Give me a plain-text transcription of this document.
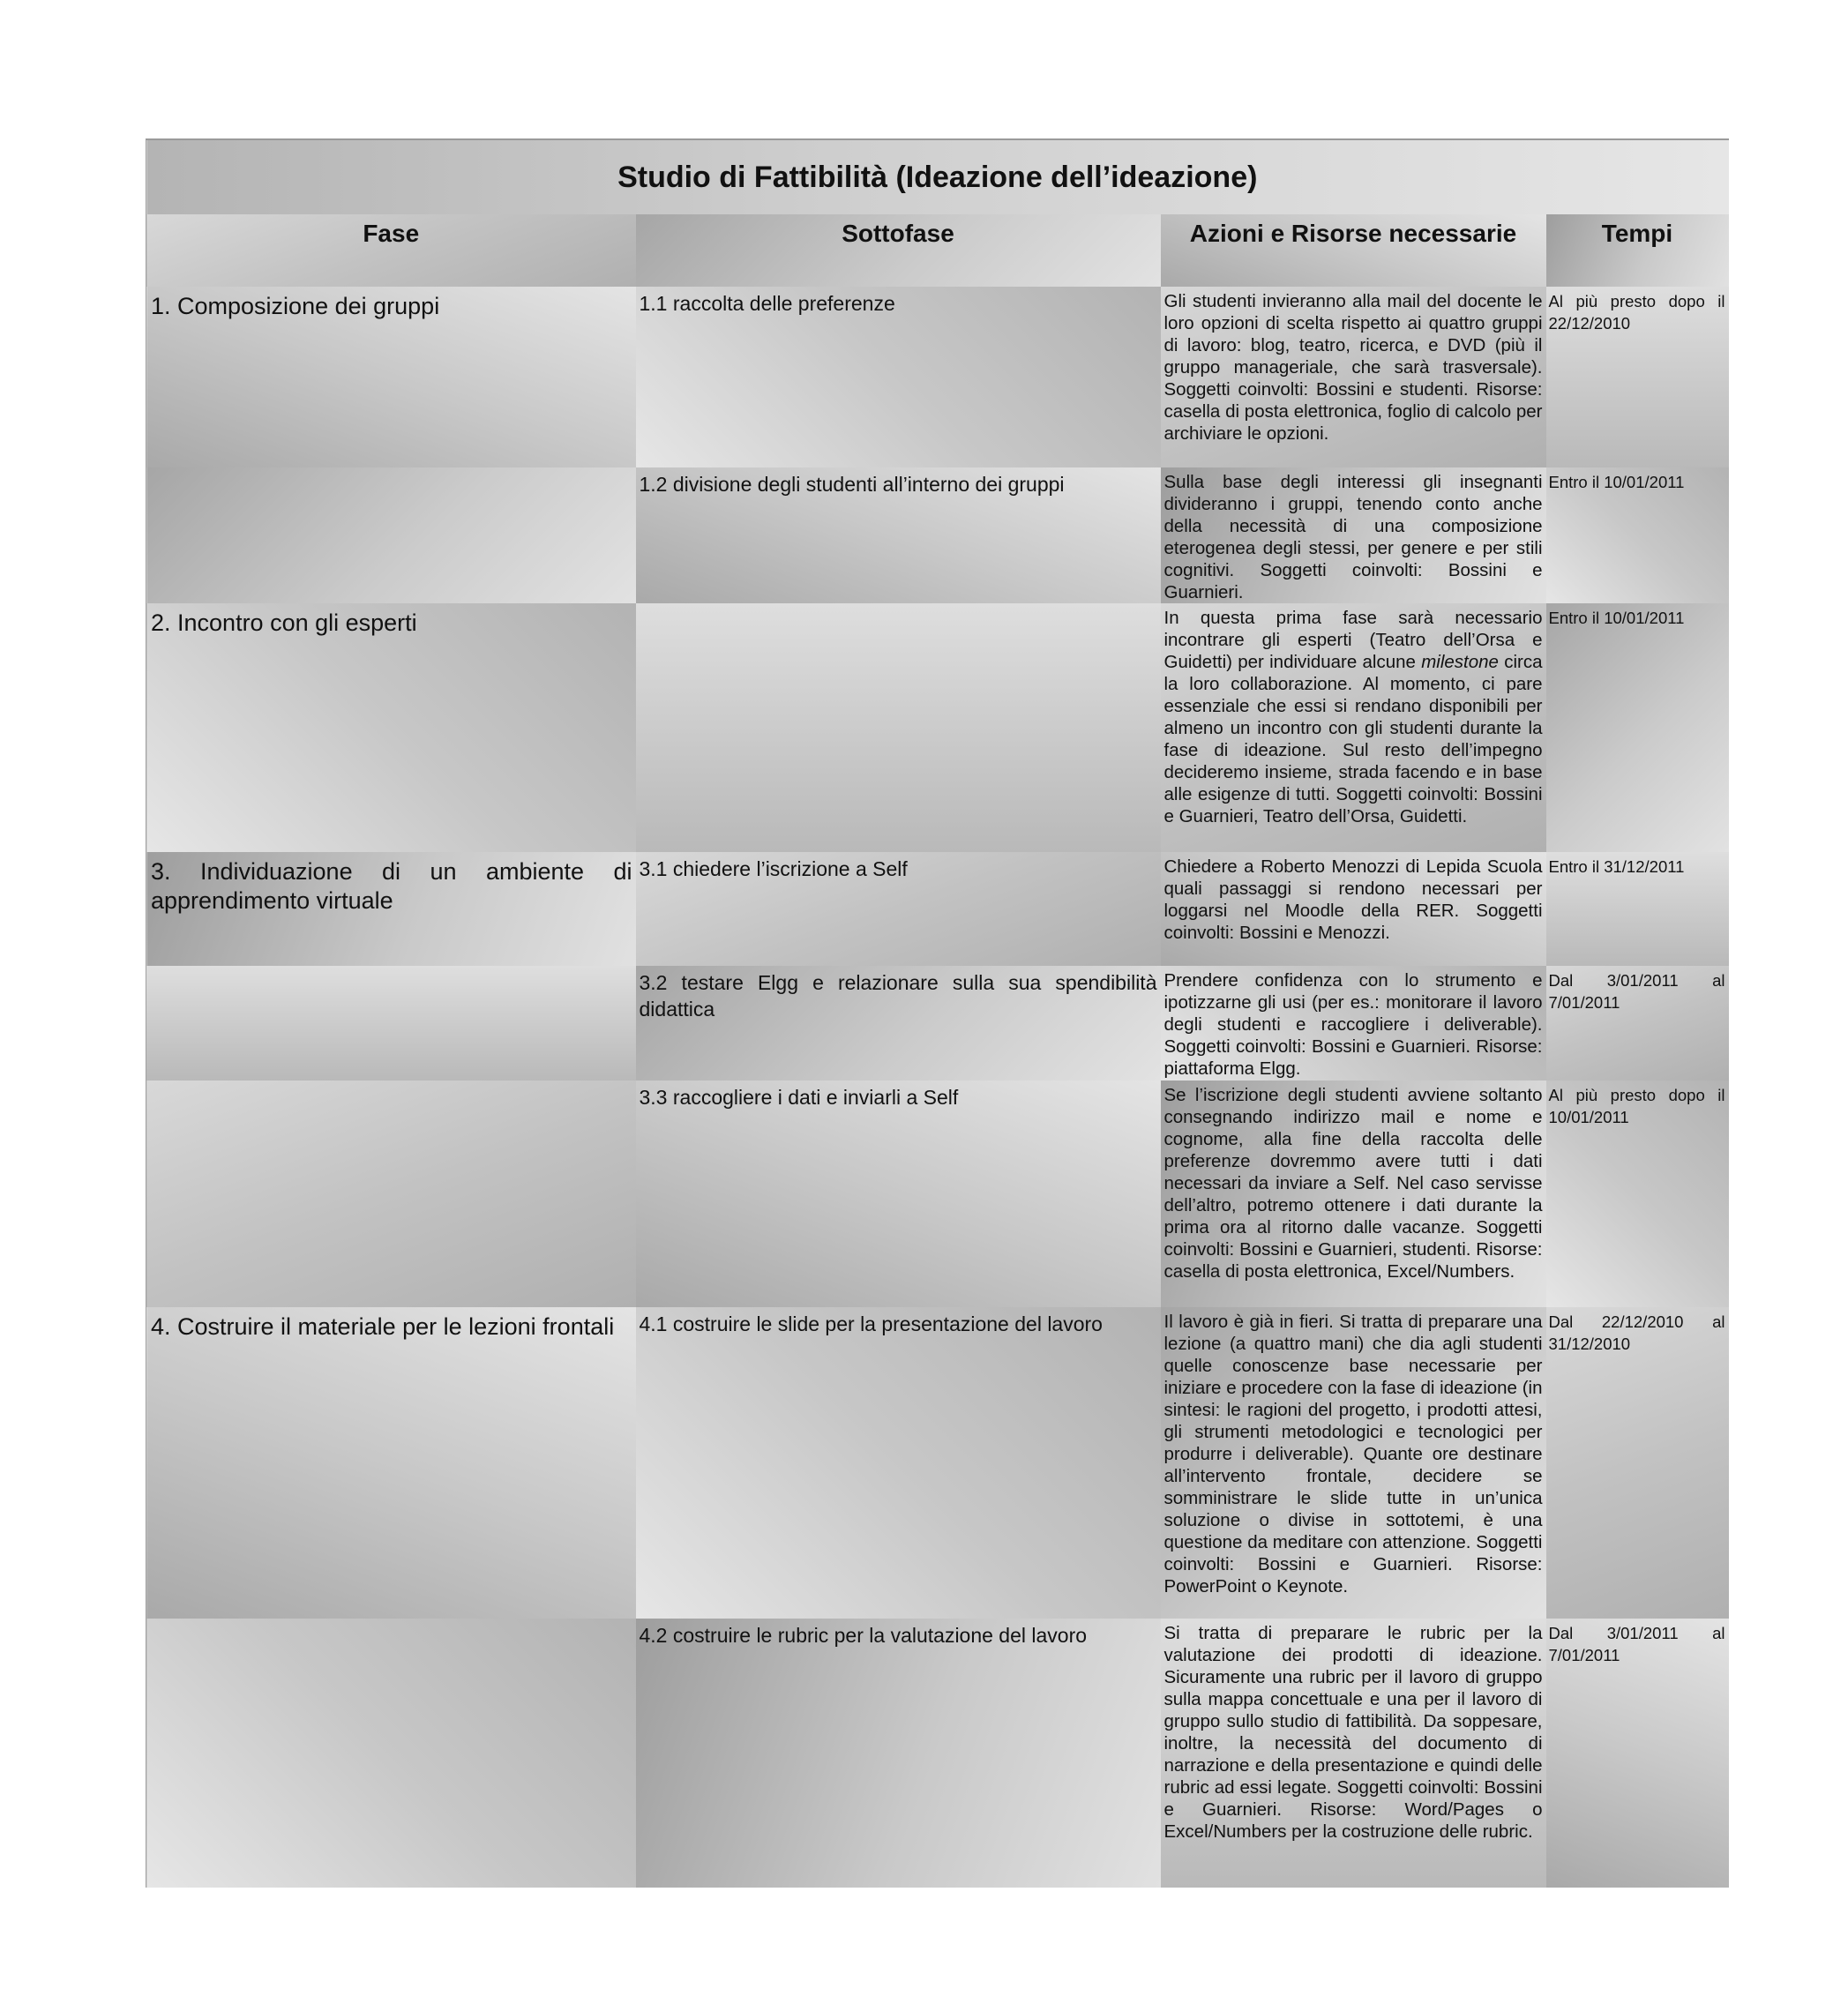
Studio di Fattibilità (Ideazione dell’ideazione)			
Fase	Sottofase	Azioni e Risorse necessarie	Tempi
1. Composizione dei gruppi	1.1 raccolta delle preferenze	Gli studenti invieranno alla mail del docente le loro opzioni di scelta rispetto ai quattro gruppi di lavoro: blog, teatro, ricerca, e DVD (più il gruppo manageriale, che sarà trasversale). Soggetti coinvolti: Bossini e studenti. Risorse: casella di posta elettronica, foglio di calcolo per archiviare le opzioni.	Al più presto dopo il 22/12/2010
	1.2 divisione degli studenti all’interno dei gruppi	Sulla base degli interessi gli insegnanti divideranno i gruppi, tenendo conto anche della necessità di una composizione eterogenea degli stessi, per genere e per stili cognitivi. Soggetti coinvolti: Bossini e Guarnieri.	Entro il 10/01/2011
2. Incontro con gli esperti		In questa prima fase sarà necessario incontrare gli esperti (Teatro dell’Orsa e Guidetti) per individuare alcune milestone circa la loro collaborazione. Al momento, ci pare essenziale che essi si rendano disponibili per almeno un incontro con gli studenti durante la fase di ideazione. Sul resto dell’impegno decideremo insieme, strada facendo e in base alle esigenze di tutti. Soggetti coinvolti: Bossini e Guarnieri, Teatro dell’Orsa, Guidetti.	Entro il 10/01/2011
3. Individuazione di un ambiente di apprendimento virtuale	3.1 chiedere l’iscrizione a Self	Chiedere a Roberto Menozzi di Lepida Scuola quali passaggi si rendono necessari per loggarsi nel Moodle della RER. Soggetti coinvolti: Bossini e Menozzi.	Entro il 31/12/2011
	3.2 testare Elgg e relazionare sulla sua spendibilità didattica	Prendere confidenza con lo strumento e ipotizzarne gli usi (per es.: monitorare il lavoro degli studenti e raccogliere i deliverable). Soggetti coinvolti: Bossini e Guarnieri. Risorse: piattaforma Elgg.	Dal 3/01/2011 al 7/01/2011
	3.3 raccogliere i dati e inviarli a Self	Se l’iscrizione degli studenti avviene soltanto consegnando indirizzo mail e nome e cognome, alla fine della raccolta delle preferenze dovremmo avere tutti i dati necessari da inviare a Self. Nel caso servisse dell’altro, potremo ottenere i dati durante la prima ora al ritorno dalle vacanze. Soggetti coinvolti: Bossini e Guarnieri, studenti. Risorse: casella di posta elettronica, Excel/Numbers.	Al più presto dopo il 10/01/2011
4. Costruire il materiale per le lezioni frontali	4.1 costruire le slide per la presentazione del lavoro	Il lavoro è già in fieri. Si tratta di preparare una lezione (a quattro mani) che dia agli studenti quelle conoscenze base necessarie per iniziare e procedere con la fase di ideazione (in sintesi: le ragioni del progetto, i prodotti attesi, gli strumenti metodologici e tecnologici per produrre i deliverable). Quante ore destinare all’intervento frontale, decidere se somministrare le slide tutte in un’unica soluzione o divise in sottotemi, è una questione da meditare con attenzione. Soggetti coinvolti: Bossini e Guarnieri. Risorse: PowerPoint o Keynote.	Dal 22/12/2010 al 31/12/2010
	4.2 costruire le rubric per la valutazione del lavoro	Si tratta di preparare le rubric per la valutazione dei prodotti di ideazione. Sicuramente una rubric per il lavoro di gruppo sulla mappa concettuale e una per il lavoro di gruppo sullo studio di fattibilità. Da soppesare, inoltre, la necessità del documento di narrazione e della presentazione e quindi delle rubric ad essi legate. Soggetti coinvolti: Bossini e Guarnieri. Risorse: Word/Pages o Excel/Numbers per la costruzione delle rubric.	Dal 3/01/2011 al 7/01/2011
